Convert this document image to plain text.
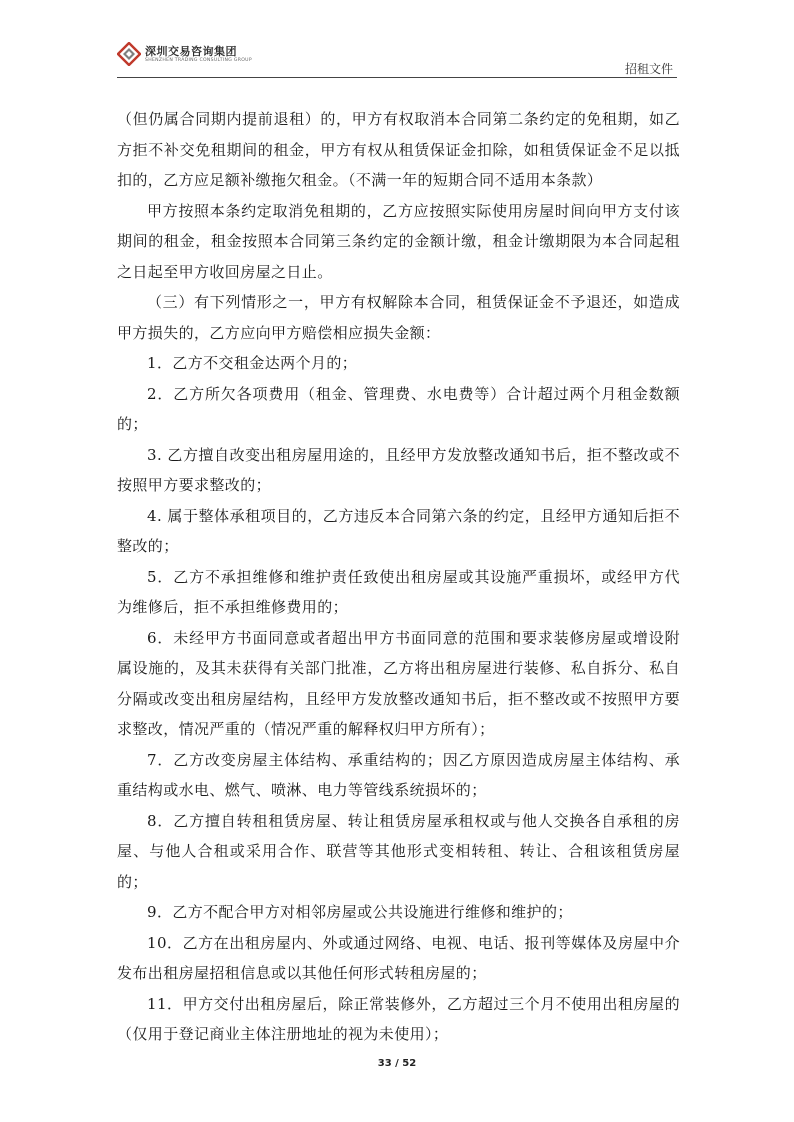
深圳交易咨询集团
SHENZHEN TRADING CONSULTING GROUP
招租文件

（但仍属合同期内提前退租）的，甲方有权取消本合同第二条约定的免租期，如乙方拒不补交免租期间的租金，甲方有权从租赁保证金扣除，如租赁保证金不足以抵扣的，乙方应足额补缴拖欠租金。（不满一年的短期合同不适用本条款）

甲方按照本条约定取消免租期的，乙方应按照实际使用房屋时间向甲方支付该期间的租金，租金按照本合同第三条约定的金额计缴，租金计缴期限为本合同起租之日起至甲方收回房屋之日止。

（三）有下列情形之一，甲方有权解除本合同，租赁保证金不予退还，如造成甲方损失的，乙方应向甲方赔偿相应损失金额：

1．乙方不交租金达两个月的；

2．乙方所欠各项费用（租金、管理费、水电费等）合计超过两个月租金数额的；

3. 乙方擅自改变出租房屋用途的，且经甲方发放整改通知书后，拒不整改或不按照甲方要求整改的；

4. 属于整体承租项目的，乙方违反本合同第六条的约定，且经甲方通知后拒不整改的；

5．乙方不承担维修和维护责任致使出租房屋或其设施严重损坏，或经甲方代为维修后，拒不承担维修费用的；

6．未经甲方书面同意或者超出甲方书面同意的范围和要求装修房屋或增设附属设施的，及其未获得有关部门批准，乙方将出租房屋进行装修、私自拆分、私自分隔或改变出租房屋结构，且经甲方发放整改通知书后，拒不整改或不按照甲方要求整改，情况严重的（情况严重的解释权归甲方所有）；

7．乙方改变房屋主体结构、承重结构的；因乙方原因造成房屋主体结构、承重结构或水电、燃气、喷淋、电力等管线系统损坏的；

8．乙方擅自转租租赁房屋、转让租赁房屋承租权或与他人交换各自承租的房屋、与他人合租或采用合作、联营等其他形式变相转租、转让、合租该租赁房屋的；

9．乙方不配合甲方对相邻房屋或公共设施进行维修和维护的；

10．乙方在出租房屋内、外或通过网络、电视、电话、报刊等媒体及房屋中介发布出租房屋招租信息或以其他任何形式转租房屋的；

11．甲方交付出租房屋后，除正常装修外，乙方超过三个月不使用出租房屋的（仅用于登记商业主体注册地址的视为未使用）；

33 / 52
